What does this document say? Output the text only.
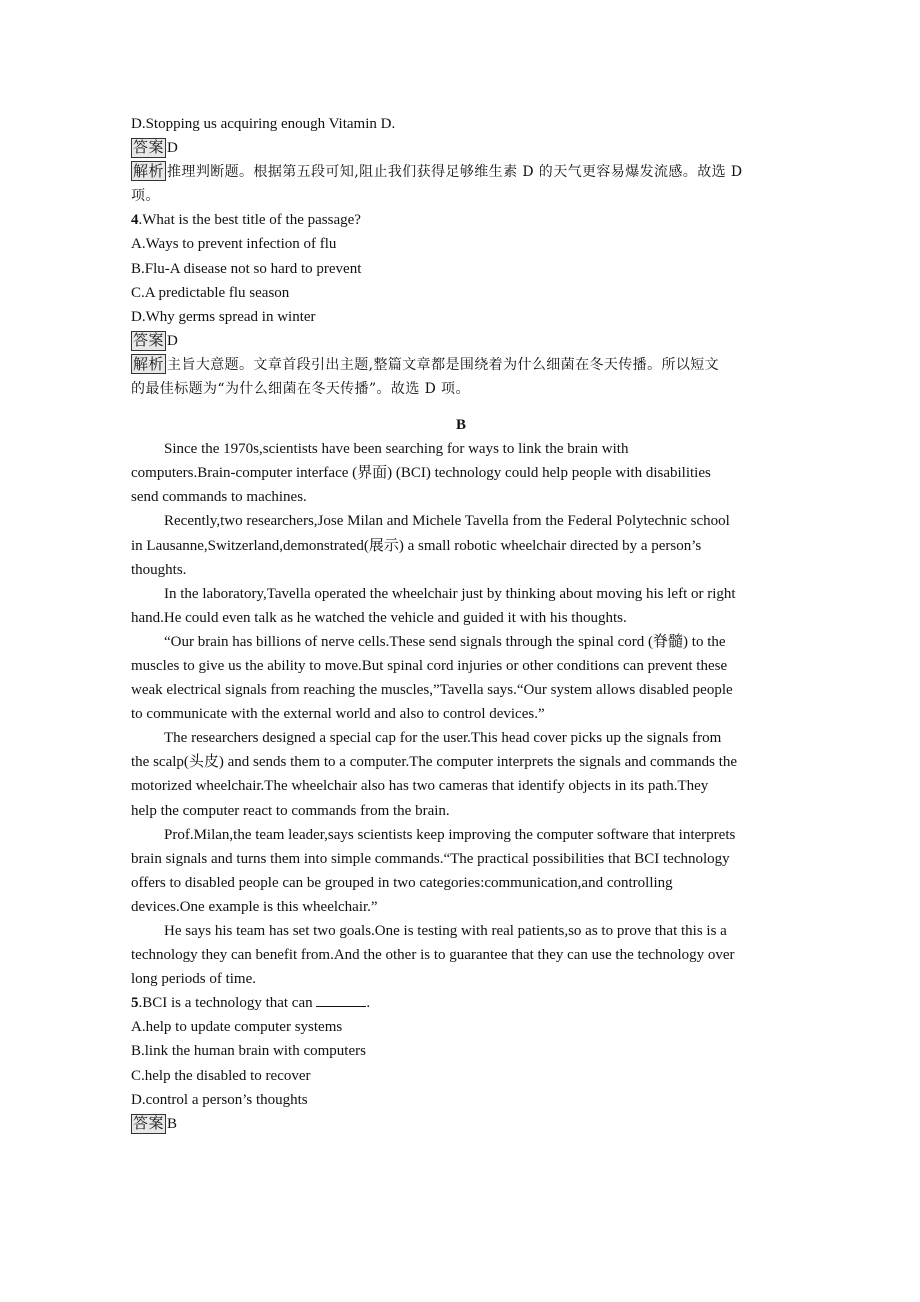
D.Stopping us acquiring enough Vitamin D.

答案 D

解析 推理判断题。根据第五段可知,阻止我们获得足够维生素 D 的天气更容易爆发流感。故选 D

项。

4.What is the best title of the passage?

A.Ways to prevent infection of flu

B.Flu-A disease not so hard to prevent

C.A predictable flu season

D.Why germs spread in winter

答案 D

解析 主旨大意题。文章首段引出主题,整篇文章都是围绕着为什么细菌在冬天传播。所以短文

的最佳标题为“为什么细菌在冬天传播”。故选 D 项。

B

Since the 1970s,scientists have been searching for ways to link the brain with

computers.Brain-computer interface (界面) (BCI) technology could help people with disabilities

send commands to machines.

Recently,two researchers,Jose Milan and Michele Tavella from the Federal Polytechnic school

in Lausanne,Switzerland,demonstrated(展示) a small robotic wheelchair directed by a person’s

thoughts.

In the laboratory,Tavella operated the wheelchair just by thinking about moving his left or right

hand.He could even talk as he watched the vehicle and guided it with his thoughts.

“Our brain has billions of nerve cells.These send signals through the spinal cord (脊髓) to the

muscles to give us the ability to move.But spinal cord injuries or other conditions can prevent these

weak electrical signals from reaching the muscles,”Tavella says.“Our system allows disabled people

to communicate with the external world and also to control devices.”

The researchers designed a special cap for the user.This head cover picks up the signals from

the scalp(头皮) and sends them to a computer.The computer interprets the signals and commands the

motorized wheelchair.The wheelchair also has two cameras that identify objects in its path.They

help the computer react to commands from the brain.

Prof.Milan,the team leader,says scientists keep improving the computer software that interprets

brain signals and turns them into simple commands.“The practical possibilities that BCI technology

offers to disabled people can be grouped in two categories:communication,and controlling

devices.One example is this wheelchair.”

He says his team has set two goals.One is testing with real patients,so as to prove that this is a

technology they can benefit from.And the other is to guarantee that they can use the technology over

long periods of time.

5.BCI is a technology that can	.

A.help to update computer systems

B.link the human brain with computers

C.help the disabled to recover

D.control a person’s thoughts

答案 B
